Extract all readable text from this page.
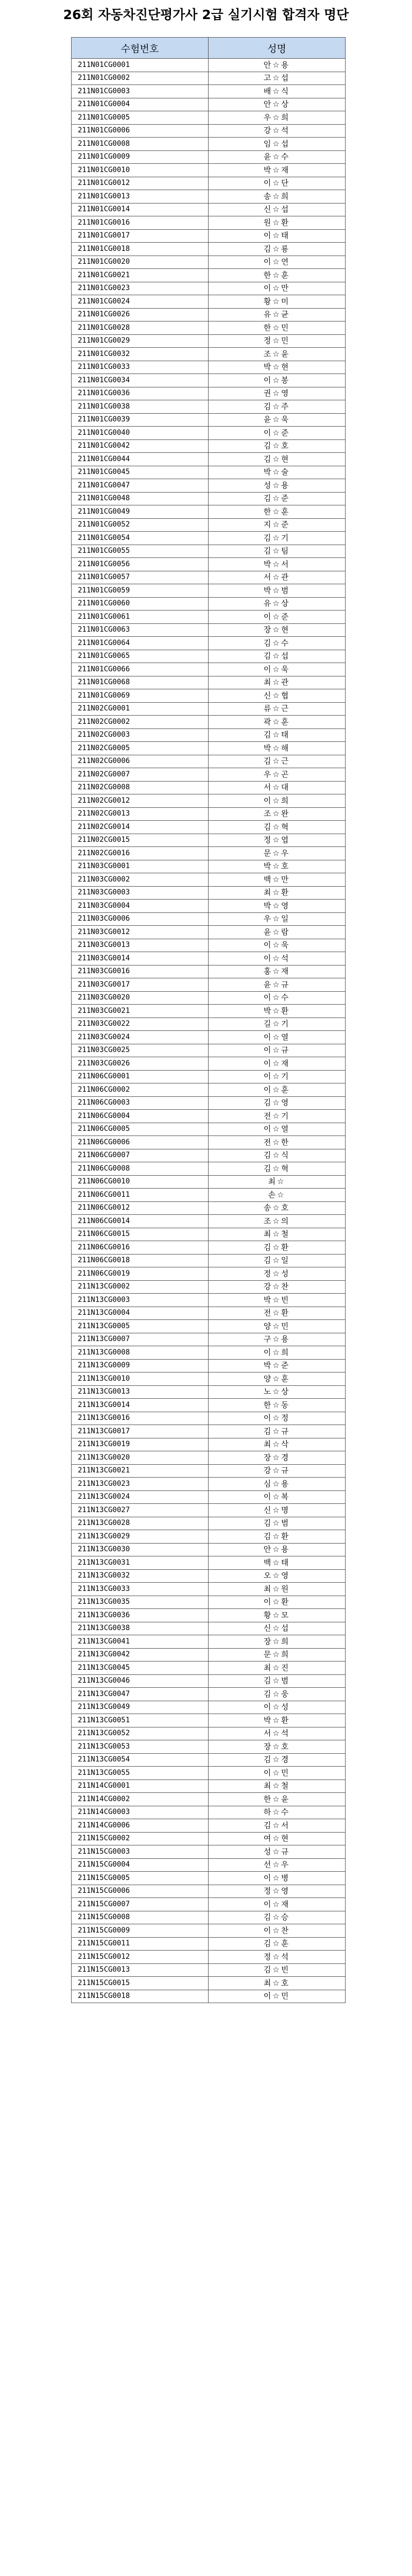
26회 자동차진단평가사 2급 실기시험 합격자 명단
수험번호	성명
211N01CG0001	안☆용
211N01CG0002	고☆섭
211N01CG0003	배☆식
211N01CG0004	안☆상
211N01CG0005	우☆희
211N01CG0006	강☆석
211N01CG0008	임☆섭
211N01CG0009	윤☆수
211N01CG0010	박☆재
211N01CG0012	이☆단
211N01CG0013	송☆희
211N01CG0014	신☆섭
211N01CG0016	원☆환
211N01CG0017	이☆태
211N01CG0018	김☆룡
211N01CG0020	이☆연
211N01CG0021	한☆훈
211N01CG0023	이☆만
211N01CG0024	황☆미
211N01CG0026	유☆균
211N01CG0028	한☆민
211N01CG0029	정☆민
211N01CG0032	조☆윤
211N01CG0033	박☆현
211N01CG0034	이☆봉
211N01CG0036	권☆영
211N01CG0038	김☆주
211N01CG0039	윤☆욱
211N01CG0040	이☆준
211N01CG0042	김☆호
211N01CG0044	김☆현
211N01CG0045	박☆술
211N01CG0047	성☆용
211N01CG0048	김☆준
211N01CG0049	한☆훈
211N01CG0052	지☆준
211N01CG0054	김☆기
211N01CG0055	김☆팀
211N01CG0056	박☆서
211N01CG0057	서☆관
211N01CG0059	박☆범
211N01CG0060	유☆상
211N01CG0061	이☆준
211N01CG0063	장☆현
211N01CG0064	김☆수
211N01CG0065	김☆섭
211N01CG0066	이☆욱
211N01CG0068	최☆관
211N01CG0069	신☆협
211N02CG0001	류☆근
211N02CG0002	곽☆훈
211N02CG0003	김☆태
211N02CG0005	박☆해
211N02CG0006	김☆근
211N02CG0007	우☆곤
211N02CG0008	서☆대
211N02CG0012	이☆희
211N02CG0013	조☆완
211N02CG0014	김☆혁
211N02CG0015	정☆엽
211N02CG0016	문☆우
211N03CG0001	박☆호
211N03CG0002	백☆만
211N03CG0003	최☆환
211N03CG0004	박☆영
211N03CG0006	우☆일
211N03CG0012	윤☆람
211N03CG0013	이☆욱
211N03CG0014	이☆석
211N03CG0016	홍☆재
211N03CG0017	윤☆규
211N03CG0020	이☆수
211N03CG0021	박☆환
211N03CG0022	길☆기
211N03CG0024	이☆열
211N03CG0025	이☆규
211N03CG0026	이☆재
211N06CG0001	이☆기
211N06CG0002	이☆훈
211N06CG0003	김☆영
211N06CG0004	전☆기
211N06CG0005	이☆열
211N06CG0006	전☆한
211N06CG0007	김☆식
211N06CG0008	김☆혁
211N06CG0010	최☆
211N06CG0011	손☆
211N06CG0012	송☆호
211N06CG0014	조☆의
211N06CG0015	최☆철
211N06CG0016	김☆환
211N06CG0018	김☆일
211N06CG0019	정☆성
211N13CG0002	강☆찬
211N13CG0003	박☆빈
211N13CG0004	전☆환
211N13CG0005	양☆민
211N13CG0007	구☆용
211N13CG0008	이☆희
211N13CG0009	박☆준
211N13CG0010	양☆훈
211N13CG0013	노☆상
211N13CG0014	한☆동
211N13CG0016	이☆정
211N13CG0017	김☆규
211N13CG0019	최☆삭
211N13CG0020	장☆경
211N13CG0021	강☆규
211N13CG0023	심☆용
211N13CG0024	이☆복
211N13CG0027	신☆명
211N13CG0028	김☆범
211N13CG0029	김☆환
211N13CG0030	안☆용
211N13CG0031	백☆태
211N13CG0032	오☆영
211N13CG0033	최☆원
211N13CG0035	이☆환
211N13CG0036	황☆모
211N13CG0038	신☆섭
211N13CG0041	장☆희
211N13CG0042	문☆희
211N13CG0045	최☆진
211N13CG0046	김☆범
211N13CG0047	김☆웅
211N13CG0049	이☆성
211N13CG0051	박☆환
211N13CG0052	서☆석
211N13CG0053	장☆호
211N13CG0054	김☆경
211N13CG0055	이☆민
211N14CG0001	최☆철
211N14CG0002	한☆윤
211N14CG0003	하☆수
211N14CG0006	김☆서
211N15CG0002	여☆현
211N15CG0003	성☆규
211N15CG0004	선☆우
211N15CG0005	이☆병
211N15CG0006	정☆영
211N15CG0007	이☆재
211N15CG0008	김☆승
211N15CG0009	이☆찬
211N15CG0011	김☆훈
211N15CG0012	정☆석
211N15CG0013	김☆빈
211N15CG0015	최☆호
211N15CG0018	이☆민
